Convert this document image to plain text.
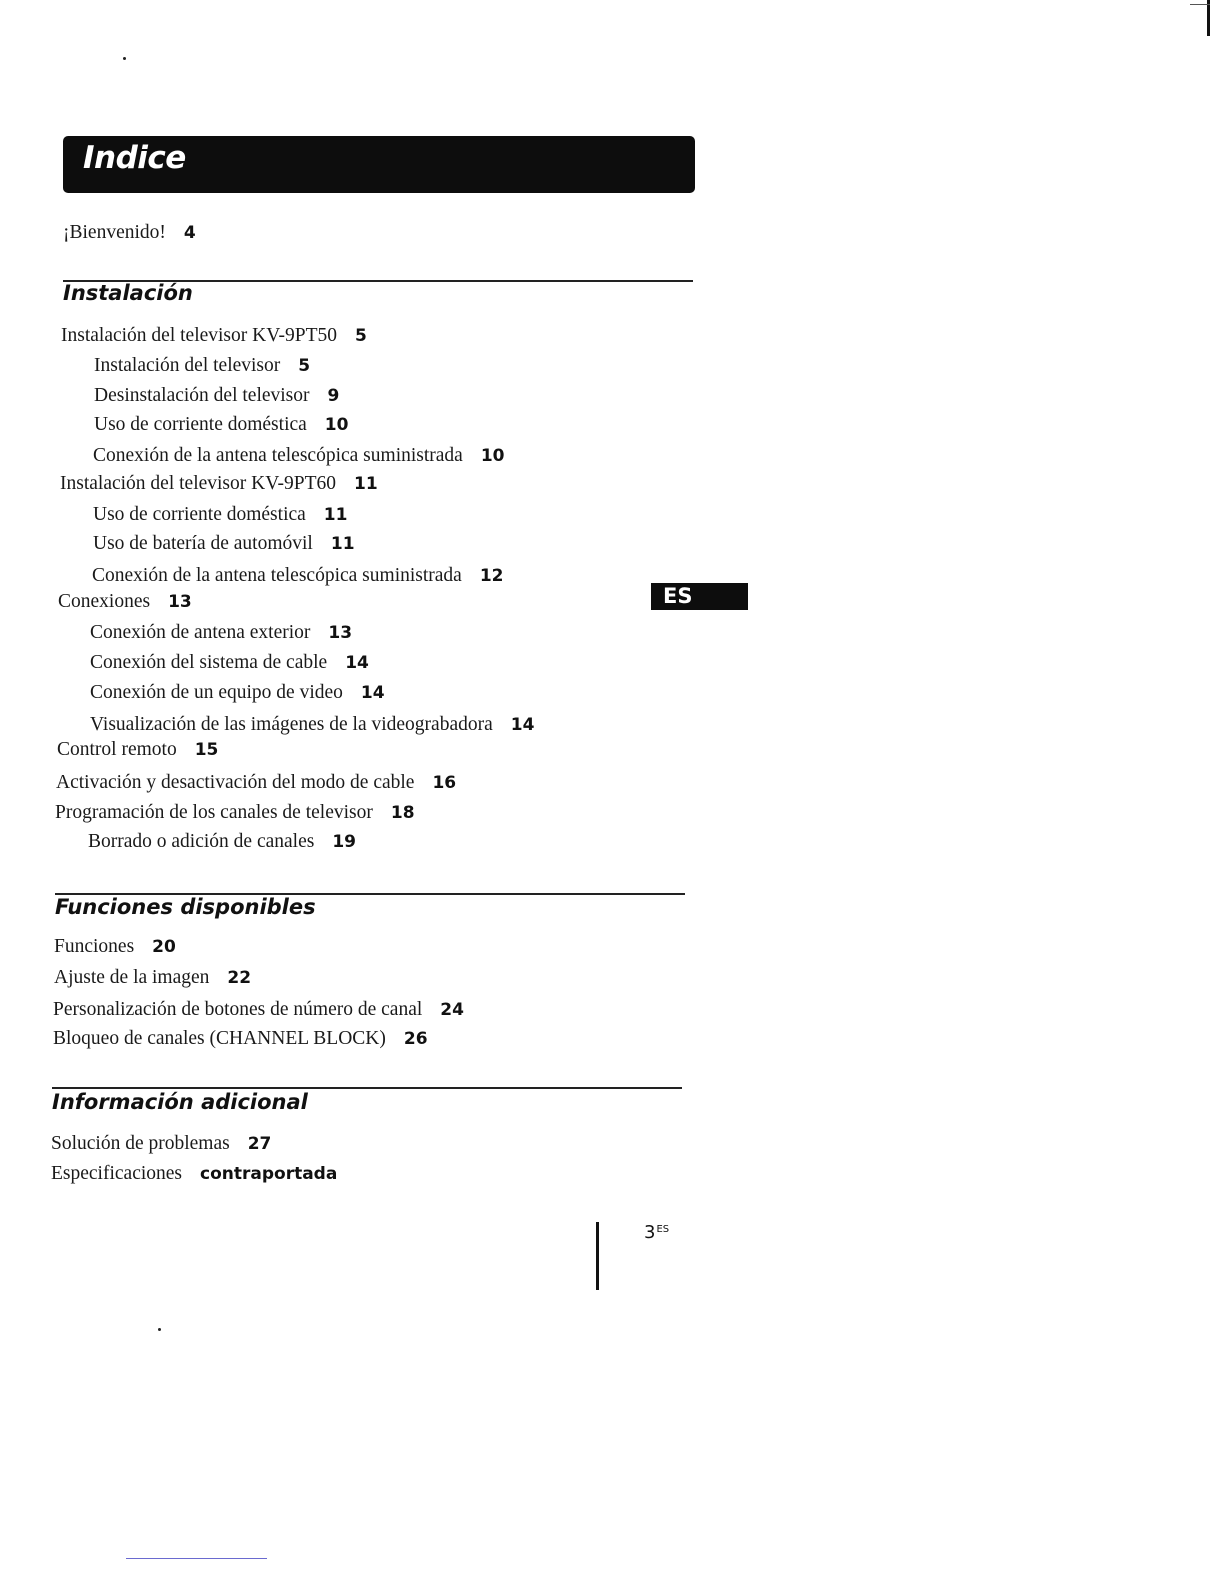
Indice
¡Bienvenido! 4
Instalación
Instalación del televisor KV-9PT50 5
Instalación del televisor 5
Desinstalación del televisor 9
Uso de corriente doméstica 10
Conexión de la antena telescópica suministrada 10
Instalación del televisor KV-9PT60 11
Uso de corriente doméstica 11
Uso de batería de automóvil 11
Conexión de la antena telescópica suministrada 12
Conexiones 13
Conexión de antena exterior 13
Conexión del sistema de cable 14
Conexión de un equipo de video 14
Visualización de las imágenes de la videograbadora 14
Control remoto 15
Activación y desactivación del modo de cable 16
Programación de los canales de televisor 18
Borrado o adición de canales 19
Funciones disponibles
Funciones 20
Ajuste de la imagen 22
Personalización de botones de número de canal 24
Bloqueo de canales (CHANNEL BLOCK) 26
Información adicional
Solución de problemas 27
Especificaciones contraportada
ES
$3^{ES}$
